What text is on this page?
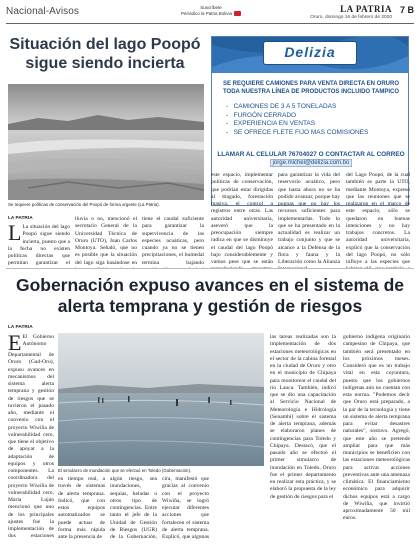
Nacional-Avisos	Suscríbete
Periódico la Patria Bolivia	LA PATRIA
Oruro, domingo 16 de febrero de 2020
7 B
Situación del lago Poopó sigue siendo incierta
Se requiere políticas de conservación del Poopó de forma urgente (La Patria).
Delizia
SE REQUIERE CAMIONES PARA VENTA DIRECTA EN ORURO TODA NUESTRA LÍNEA DE PRODUCTOS INCLUIDO TAMPICO
-   CAMIONES DE 3 A 5 TONELADAS
-   FURGÓN CERRADO
-   EXPERIENCIA EN VENTAS
-   SE OFRECE FLETE FIJO MAS COMISIONES
LLAMAR AL CELULAR 76704027 O CONTACTAR AL CORREO
jorge.michel@delizia.com.bo
LA PATRIA
L La situación del lago Poopó sigue siendo incierta, puesto que a la fecha no existen políticas directas que permitan garantizar el
lluvia o no, mencionó el secretario General de la Universidad Técnica de Oruro (UTO), Juan Carlos Montoya. Señaló, que no es posible que la situación del lago siga basándose en
tiene el caudal suficiente para garantizar la supervivencia de las especies acuáticas, pero cuando ya no se tienen precipitaciones, el humedal termina bajando
este espacio, implementar políticas de conservación, que podrían estar dirigidas al dragado, forestación masiva, el control a registros entre otras. Las autoridad universitaria, aseveró que la preocupación siempre radica en que se disminuye el caudal del lago Poopó bajo considerablemente y vamos pese que se están
para garantizar la vida del reservorio acuático, pero que hasta ahora no se ha podido avanzar, porque hay pugnas que no hay los recursos suficientes para implementarlas. Todo lo que se ha presentado en la actualidad es realizar un trabajo conjunto y que se alcance a la Defensa de la flora y fauna y la Liberación como la Alianza
del Lago Poopó, de la cual también es parte la UTO, mediante Montoya, expresó que las reuniones que se realizaron en el marco de este espacio, sólo se quedaron en buenas intenciones y no hay trabajos concretos. La autoridad universitaria, explicó que la conservación del lago Poopó, no sólo influye a las especies que
Gobernación expuso avances en el sistema de alerta temprana y gestión de riesgos
LA PATRIA
E El Gobierno Autónomo Departamental de Oruro (Gad-Oru), expuso avances en mecanismos del sistema alerta temprana y gestión de riesgos que se tuvieron el pasado año, mediante el convenio con el proyecto Wiwiña de vulnerabilidad cero, que tiene el objetivo de apoyar a la adaptación de equipos y otros componentes. La coordinadora del proyecto Wiwiña de vulnerabilidad cero, María Luján mencionó que uno de los principales ajustes fue la implementación de dos estaciones
El simulacro de inundación que se efectuó en Toledo (Gobernación).
en tiempo real, a través de sistemas de alerta temprana. Indicó, que con estos equipos automatizados se puede actuar de forma más rápida ante la presencia de
algún riesgo, sea inundaciones, sequías, heladas u otros tipo de contingencias. Entre tanto el jefe de la Unidad de Gestión de Riesgos (UGR) de la Gobernación,
cira, manifestó que gracias al convenio con el proyecto Wiwiña, se logró ejecutar diferentes acciones que fortalecen el sistema de alerta temprana. Explicó, que algunas
las tareas realizadas son la implementación de dos estaciones meteorológicas en el sector de la cabina forestal en la ciudad de Oruro y otro en el municipio de Chipaya para monitorear el caudal del río Lauca. También, indicó que se dio una capacitación al Servicio Nacional de Meteorología e Hidrología (Senamhi) sobre el sistema de alerta temprana, además se elaboraron planes de contingencias para Toledo y Chipaya. Destacó, que el pasado año se efectuó el primer simulacro de inundación en Toledo, Oruro fue el primer departamento en realizar esta práctica, y se elaboró la propuesta de la ley de gestión de riesgos para el
gobierno indígena originario campesino de Chipaya, que también será presentado en los próximos meses. Consideró que es un trabajo vital en esta coyuntura, puesto que los gobiernos indígenas aún no cuentan con esta norma. "Podemos decir que Oruro está preparado, a la par de la tecnología y tiene un sistema de alerta temprana para evitar desastres naturales", sostuvo. Agregó, que este año se pretende ampliar para que más municipios se beneficien con las estaciones meteorológicas para activar acciones preventivas ante una amenaza climática. El financiamiento económico para adquirir dichos equipos está a cargo de Wiwiña, que invirtió aproximadamente 50 mil euros.
